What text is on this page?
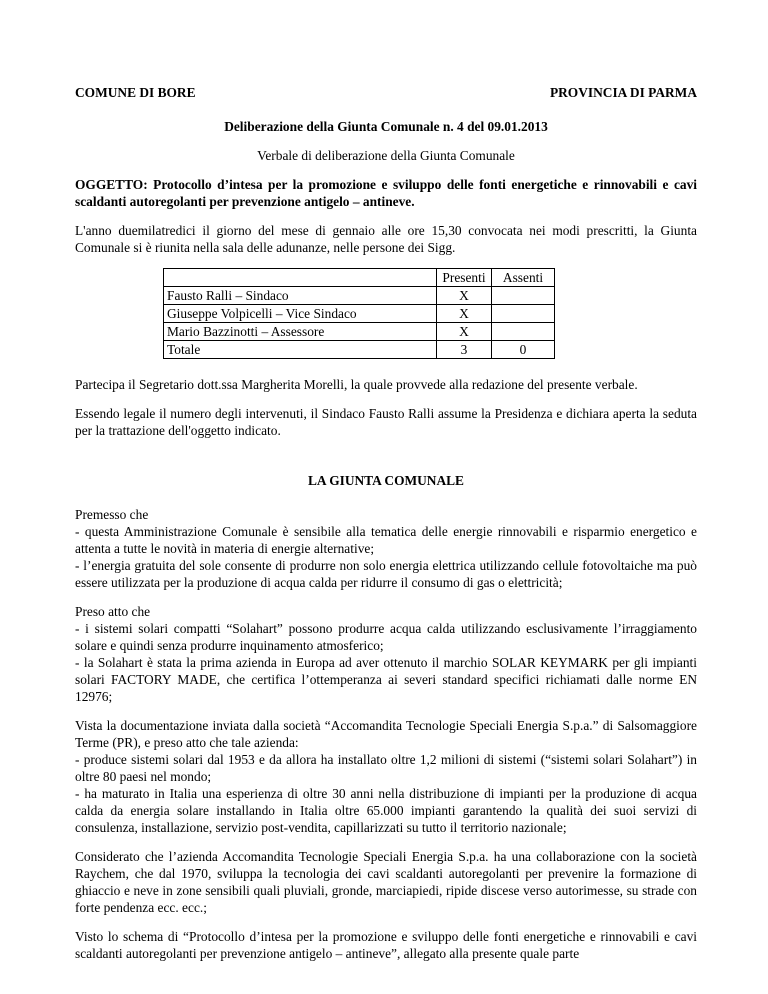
COMUNE DI BORE	PROVINCIA DI PARMA
Deliberazione della Giunta Comunale n. 4 del 09.01.2013
Verbale di deliberazione della Giunta Comunale

OGGETTO: Protocollo d’intesa per la promozione e sviluppo delle fonti energetiche e rinnovabili e cavi scaldanti autoregolanti per prevenzione antigelo – antineve.

L'anno duemilatredici il giorno del mese di gennaio alle ore 15,30 convocata nei modi prescritti, la Giunta Comunale si è riunita nella sala delle adunanze, nelle persone dei Sigg.

	Presenti	Assenti
Fausto Ralli – Sindaco	X	
Giuseppe Volpicelli – Vice Sindaco	X	
Mario Bazzinotti – Assessore	X	
Totale	3	0

Partecipa il Segretario dott.ssa Margherita Morelli, la quale provvede alla redazione del presente verbale.

Essendo legale il numero degli intervenuti, il Sindaco Fausto Ralli assume la Presidenza e dichiara aperta la seduta per la trattazione dell'oggetto indicato.

LA GIUNTA COMUNALE
Premesso che
- questa Amministrazione Comunale è sensibile alla tematica delle energie rinnovabili e risparmio energetico e attenta a tutte le novità in materia di energie alternative;
- l’energia gratuita del sole consente di produrre non solo energia elettrica utilizzando cellule fotovoltaiche ma può essere utilizzata per la produzione di acqua calda per ridurre il consumo di gas o elettricità;
Preso atto che
- i sistemi solari compatti “Solahart” possono produrre acqua calda utilizzando esclusivamente l’irraggiamento solare e quindi senza produrre inquinamento atmosferico;
- la Solahart è stata la prima azienda in Europa ad aver ottenuto il marchio SOLAR KEYMARK per gli impianti solari FACTORY MADE, che certifica l’ottemperanza ai severi standard specifici richiamati dalle norme EN 12976;
Vista la documentazione inviata dalla società “Accomandita Tecnologie Speciali Energia S.p.a.” di Salsomaggiore Terme (PR), e preso atto che tale azienda:
- produce sistemi solari dal 1953 e da allora ha installato oltre 1,2 milioni di sistemi (“sistemi solari Solahart”) in oltre 80 paesi nel mondo;
- ha maturato in Italia una esperienza di oltre 30 anni nella distribuzione di impianti per la produzione di acqua calda da energia solare installando in Italia oltre 65.000 impianti garantendo la qualità dei suoi servizi di consulenza, installazione, servizio post-vendita, capillarizzati su tutto il territorio nazionale;

Considerato che l’azienda Accomandita Tecnologie Speciali Energia S.p.a. ha una collaborazione con la società Raychem, che dal 1970, sviluppa la tecnologia dei cavi scaldanti autoregolanti per prevenire la formazione di ghiaccio e neve in zone sensibili quali pluviali, gronde, marciapiedi, ripide discese verso autorimesse, su strade con forte pendenza ecc. ecc.;

Visto lo schema di “Protocollo d’intesa per la promozione e sviluppo delle fonti energetiche e rinnovabili e cavi scaldanti autoregolanti per prevenzione antigelo – antineve”, allegato alla presente quale parte
